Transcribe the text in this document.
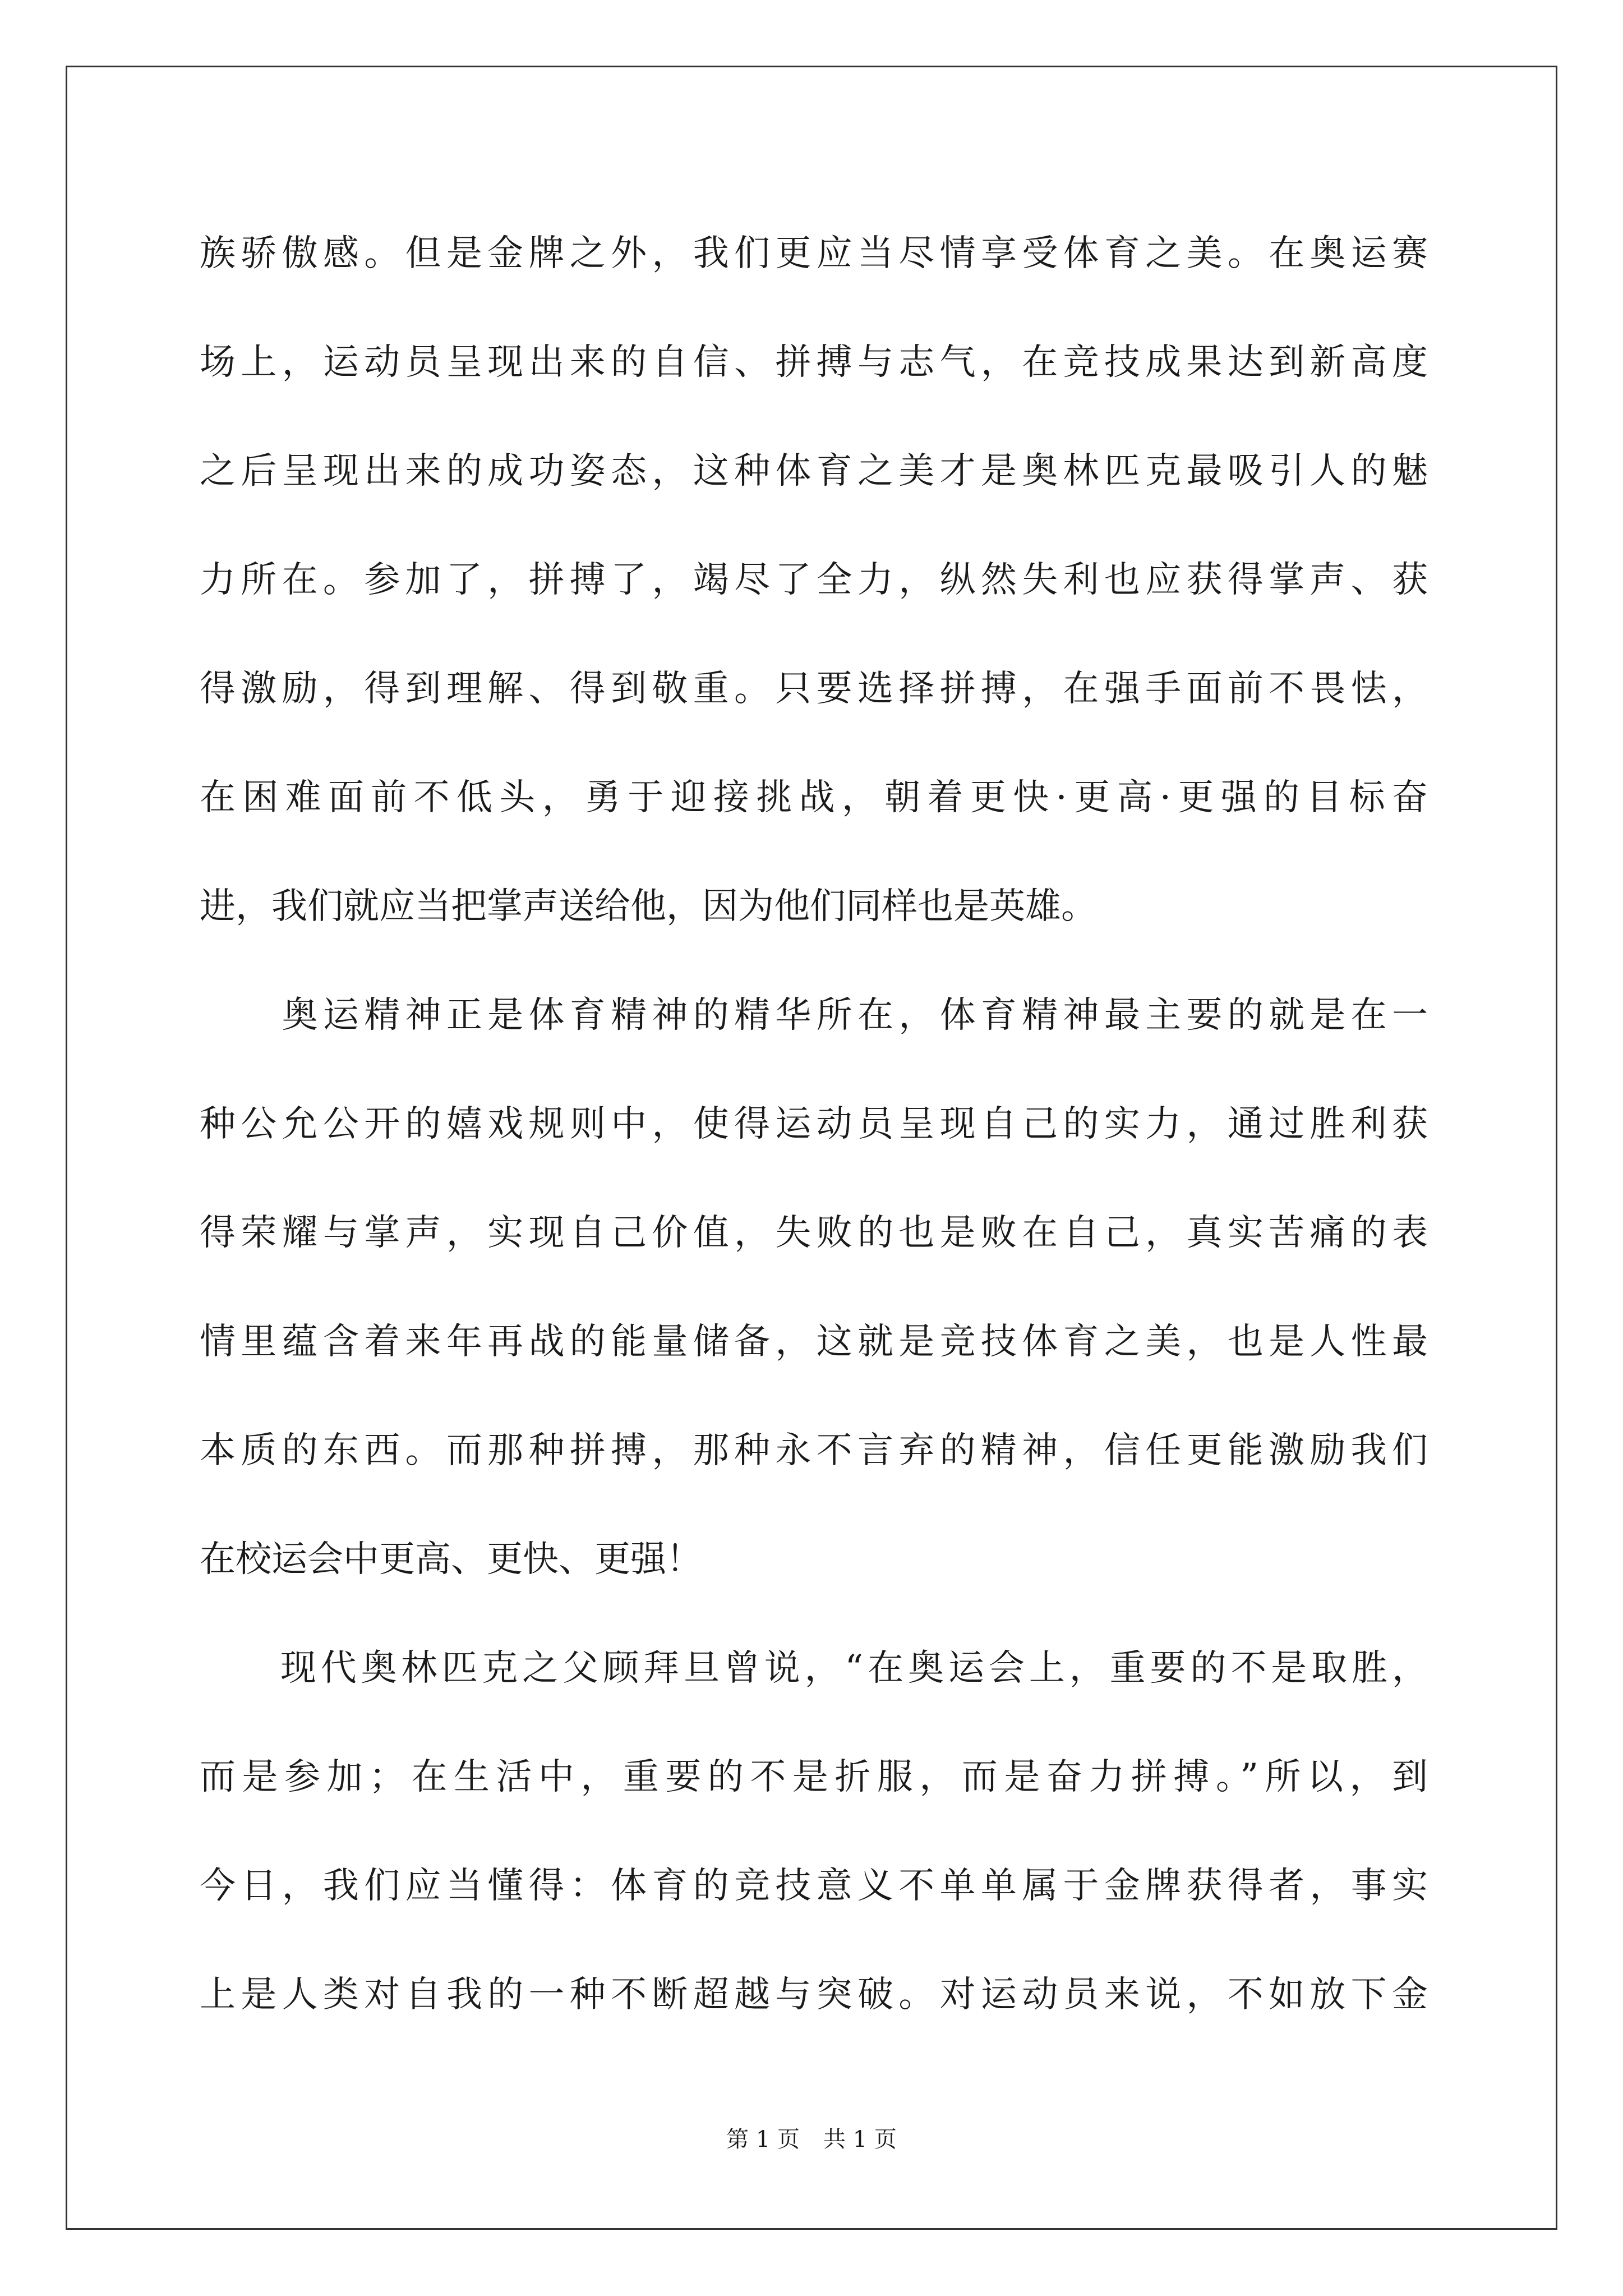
族骄傲感。但是金牌之外，我们更应当尽情享受体育之美。在奥运赛
场上，运动员呈现出来的自信、拼搏与志气，在竞技成果达到新高度
之后呈现出来的成功姿态，这种体育之美才是奥林匹克最吸引人的魅
力所在。参加了，拼搏了，竭尽了全力，纵然失利也应获得掌声、获
得激励，得到理解、得到敬重。只要选择拼搏，在强手面前不畏怯，
在困难面前不低头，勇于迎接挑战，朝着更快·更高·更强的目标奋
进，我们就应当把掌声送给他，因为他们同样也是英雄。
　　奥运精神正是体育精神的精华所在，体育精神最主要的就是在一
种公允公开的嬉戏规则中，使得运动员呈现自己的实力，通过胜利获
得荣耀与掌声，实现自己价值，失败的也是败在自己，真实苦痛的表
情里蕴含着来年再战的能量储备，这就是竞技体育之美，也是人性最
本质的东西。而那种拼搏，那种永不言弃的精神，信任更能激励我们
在校运会中更高、更快、更强！
　　现代奥林匹克之父顾拜旦曾说，“在奥运会上，重要的不是取胜，
而是参加；在生活中，重要的不是折服，而是奋力拼搏。”所以，到
今日，我们应当懂得：体育的竞技意义不单单属于金牌获得者，事实
上是人类对自我的一种不断超越与突破。对运动员来说，不如放下金
第 1 页 共 1 页
